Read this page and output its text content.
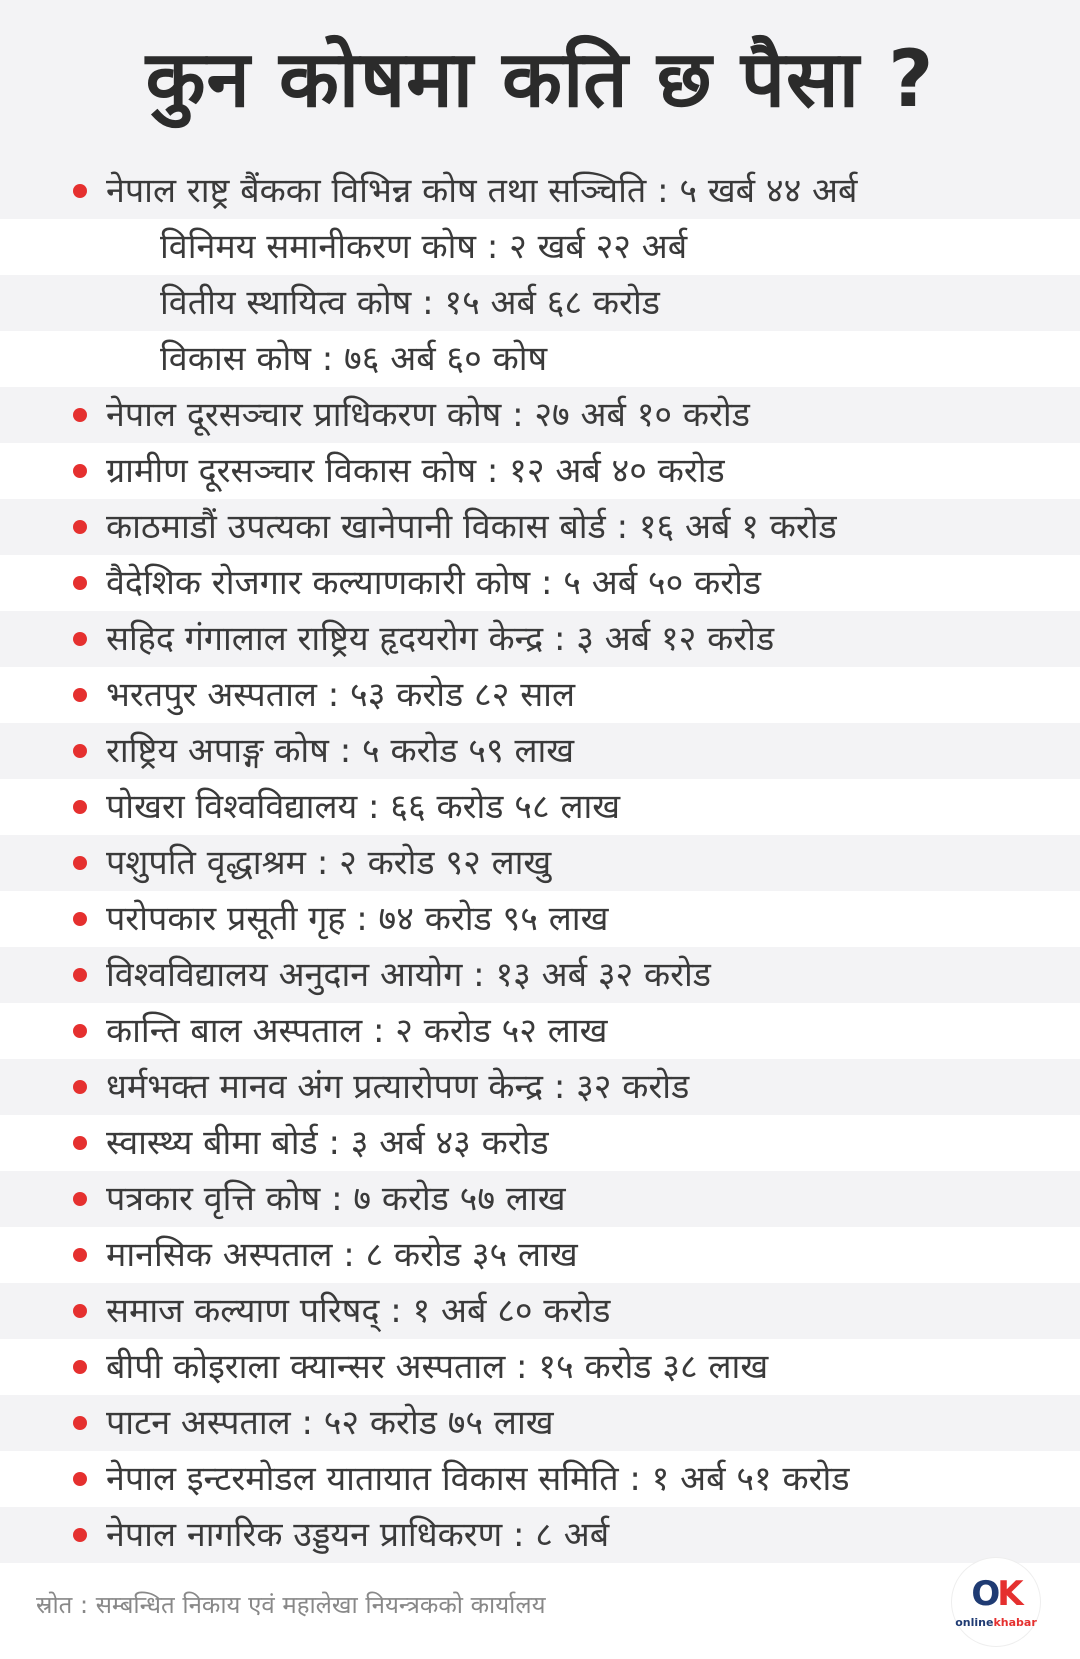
कुन कोषमा कति छ पैसा ?
नेपाल राष्ट्र बैंकका विभिन्न कोष तथा सञ्चिति : ५ खर्ब ४४ अर्ब
विनिमय समानीकरण कोष : २ खर्ब २२ अर्ब
वितीय स्थायित्व कोष : १५ अर्ब ६८ करोड
विकास कोष : ७६ अर्ब ६० कोष
नेपाल दूरसञ्चार प्राधिकरण कोष : २७ अर्ब १० करोड
ग्रामीण दूरसञ्चार विकास कोष : १२ अर्ब ४० करोड
काठमाडौं उपत्यका खानेपानी विकास बोर्ड : १६ अर्ब १ करोड
वैदेशिक रोजगार कल्याणकारी कोष : ५ अर्ब ५० करोड
सहिद गंगालाल राष्ट्रिय हृदयरोग केन्द्र : ३ अर्ब १२ करोड
भरतपुर अस्पताल : ५३ करोड ८२ साल
राष्ट्रिय अपाङ्ग कोष : ५ करोड ५९ लाख
पोखरा विश्वविद्यालय : ६६ करोड ५८ लाख
पशुपति वृद्धाश्रम : २ करोड ९२ लाखु
परोपकार प्रसूती गृह : ७४ करोड ९५ लाख
विश्वविद्यालय अनुदान आयोग : १३ अर्ब ३२ करोड
कान्ति बाल अस्पताल : २ करोड ५२ लाख
धर्मभक्त मानव अंग प्रत्यारोपण केन्द्र : ३२ करोड
स्वास्थ्य बीमा बोर्ड : ३ अर्ब ४३ करोड
पत्रकार वृत्ति कोष : ७ करोड ५७ लाख
मानसिक अस्पताल : ८ करोड ३५ लाख
समाज कल्याण परिषद् : १ अर्ब ८० करोड
बीपी कोइराला क्यान्सर अस्पताल : १५ करोड ३८ लाख
पाटन अस्पताल : ५२ करोड ७५ लाख
नेपाल इन्टरमोडल यातायात विकास समिति : १ अर्ब ५१ करोड
नेपाल नागरिक उड्डयन प्राधिकरण : ८ अर्ब
स्रोत : सम्बन्धित निकाय एवं महालेखा नियन्त्रकको कार्यालय	OK
onlinekhabar
